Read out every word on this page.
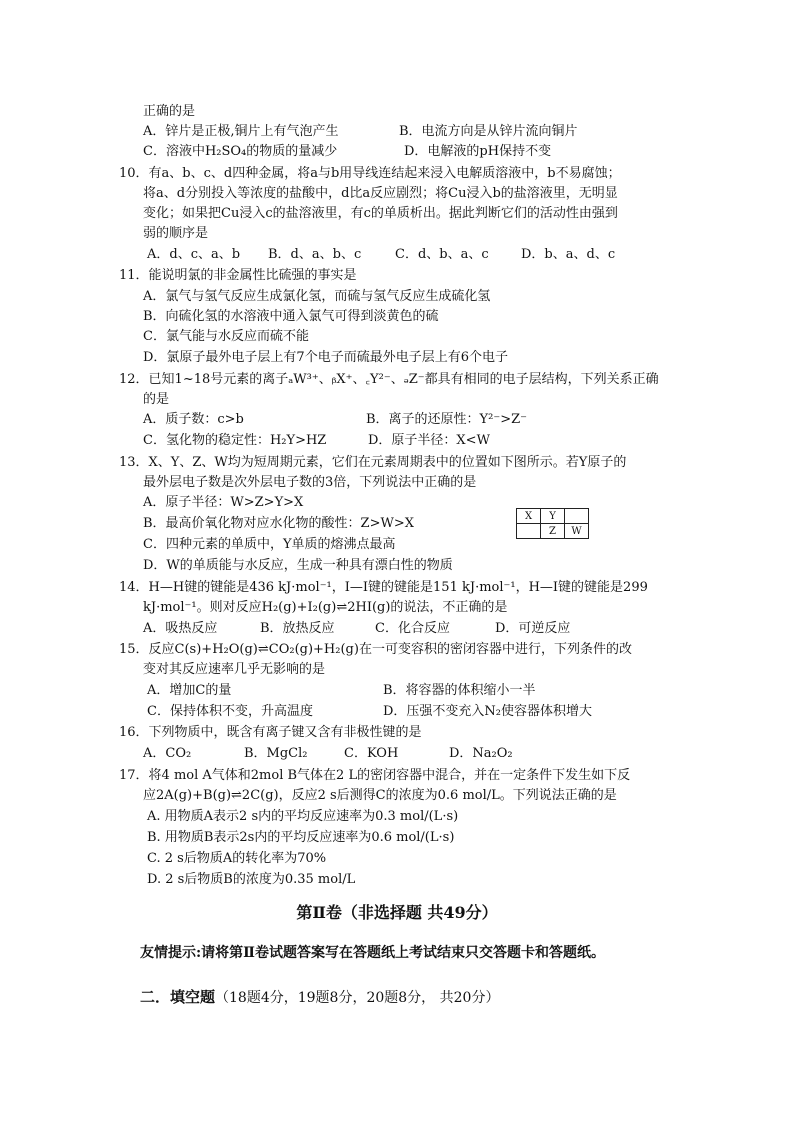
正确的是
A．锌片是正极,铜片上有气泡产生	B．电流方向是从锌片流向铜片
C．溶液中H₂SO₄的物质的量减少	D．电解液的pH保持不变
10．有a、b、c、d四种金属，将a与b用导线连结起来浸入电解质溶液中，b不易腐蚀；
将a、d分别投入等浓度的盐酸中，d比a反应剧烈；将Cu浸入b的盐溶液里，无明显
变化；如果把Cu浸入c的盐溶液里，有c的单质析出。据此判断它们的活动性由强到
弱的顺序是
A．d、c、a、b B．d、a、b、c	C．d、b、a、c D．b、a、d、c
11．能说明氯的非金属性比硫强的事实是
A．氯气与氢气反应生成氯化氢，而硫与氢气反应生成硫化氢
B．向硫化氢的水溶液中通入氯气可得到淡黄色的硫
C．氯气能与水反应而硫不能
D．氯原子最外电子层上有7个电子而硫最外电子层上有6个电子
12．已知1~18号元素的离子ₐW³⁺、ᵦX⁺、꜀Y²⁻、ₔZ⁻都具有相同的电子层结构，下列关系正确
的是
A．质子数：c>b	B．离子的还原性：Y²⁻>Z⁻
C．氢化物的稳定性：H₂Y>HZ	D．原子半径：X<W
13．X、Y、Z、W均为短周期元素，它们在元素周期表中的位置如下图所示。若Y原子的
最外层电子数是次外层电子数的3倍，下列说法中正确的是
A．原子半径：W>Z>Y>X
B．最高价氧化物对应水化物的酸性：Z>W>X
C．四种元素的单质中，Y单质的熔沸点最高
D．W的单质能与水反应，生成一种具有漂白性的物质
X	Y	
	Z	W
14．H—H键的键能是436 kJ·mol⁻¹，I—I键的键能是151 kJ·mol⁻¹，H—I键的键能是299
kJ·mol⁻¹。则对反应H₂(g)+I₂(g)⇌2HI(g)的说法，不正确的是
A．吸热反应	B．放热反应	C．化合反应	D．可逆反应
15．反应C(s)+H₂O(g)⇌CO₂(g)+H₂(g)在一可变容积的密闭容器中进行，下列条件的改
变对其反应速率几乎无影响的是
A．增加C的量	B．将容器的体积缩小一半
C．保持体积不变，升高温度	D．压强不变充入N₂使容器体积增大
16．下列物质中，既含有离子键又含有非极性键的是
A．CO₂	B．MgCl₂	C．KOH	D．Na₂O₂
17．将4 mol A气体和2mol B气体在2 L的密闭容器中混合，并在一定条件下发生如下反
应2A(g)+B(g)⇌2C(g)，反应2 s后测得C的浓度为0.6 mol/L。下列说法正确的是
A. 用物质A表示2 s内的平均反应速率为0.3 mol/(L·s)
B. 用物质B表示2s内的平均反应速率为0.6 mol/(L·s)
C. 2 s后物质A的转化率为70%
D. 2 s后物质B的浓度为0.35 mol/L
第Ⅱ卷（非选择题 共49分）
友情提示:请将第Ⅱ卷试题答案写在答题纸上考试结束只交答题卡和答题纸。
二．填空题（18题4分，19题8分，20题8分， 共20分）
